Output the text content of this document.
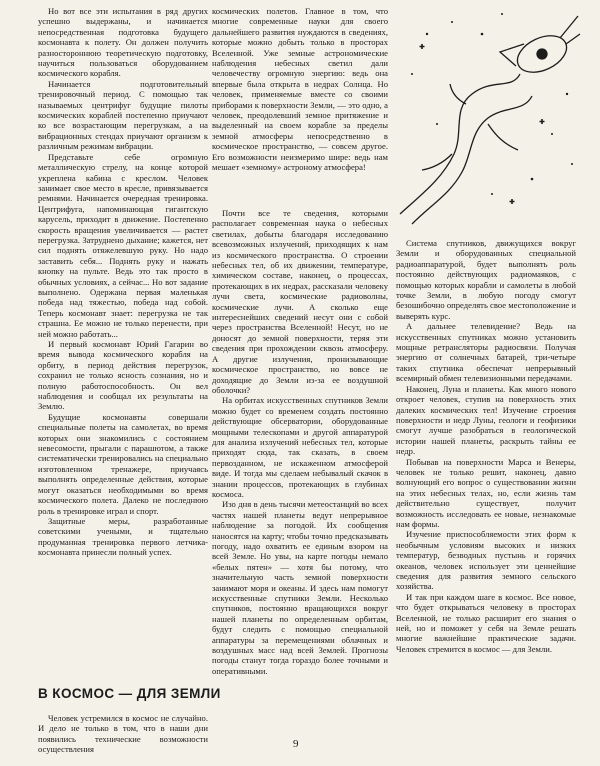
Но вот все эти испытания в ряд других успешно выдержаны, и начинается непосредственная подготовка будущего космонавта к полету. Он должен получить разностороннюю теоретическую подготовку, научиться пользоваться оборудованием космического корабля.

Начинается подготовительный тренировочный период. С помощью так называемых центрифуг будущие пилоты космических кораблей постепенно приучают ко все возрастающим перегрузкам, а на вибрационных стендах приучают организм к различным режимам вибрации.

Представьте себе огромную металлическую стрелу, на конце которой укреплена кабина с креслом. Человек занимает свое место в кресле, привязывается ремнями. Начинается очередная тренировка. Центрифуга, напоминающая гигантскую карусель, приходит в движение. Постепенно скорость вращения увеличивается — растет перегрузка. Затруднено дыхание; кажется, нет сил поднять отяжелевшую руку. Но надо заставить себя... Поднять руку и нажать кнопку на пульте. Ведь это так просто в обычных условиях, а сейчас... Но вот задание выполнено. Одержана первая маленькая победа над тяжестью, победа над собой. Теперь космонавт знает: перегрузка не так страшна. Ее можно не только перенести, при ней можно работать...

И первый космонавт Юрий Гагарин во время вывода космического корабля на орбиту, в период действия перегрузок, сохранил не только ясность сознания, но и полную работоспособность. Он вел наблюдения и сообщал их результаты на Землю.

Будущие космонавты совершали специальные полеты на самолетах, во время которых они знакомились с состоянием невесомости, прыгали с парашютом, а также систематически тренировались на специально изготовленном тренажере, приучаясь выполнять определенные действия, которые могут оказаться необходимыми во время космического полета. Далеко не последнюю роль в тренировке играл и спорт.

Защитные меры, разработанные советскими учеными, и тщательно продуманная тренировка первого летчика-космонавта принесли полный успех.

В КОСМОС — ДЛЯ ЗЕМЛИ

Человек устремился в космос не случайно. И дело не только в том, что в наши дни появились технические возможности осуществления

космических полетов. Главное в том, что многие современные науки для своего дальнейшего развития нуждаются в сведениях, которые можно добыть только в просторах Вселенной. Уже земные астрономические наблюдения небесных светил дали человечеству огромную энергию: ведь она впервые была открыта в недрах Солнца. Но человек, применяемые вместе со своими приборами к поверхности Земли, — это одно, а человек, преодолевший земное притяжение и выделенный на своем корабле за пределы земной атмосферы непосредственно в космическое пространство, — совсем другое. Его возможности неизмеримо шире: ведь нам мешает «земному» астроному атмосфера!

Почти все те сведения, которыми располагает современная наука о небесных светилах, добыты благодаря исследованию всевозможных излучений, приходящих к нам из космического пространства. О строении небесных тел, об их движении, температуре, химическом составе, наконец, о процессах, протекающих в их недрах, рассказали человеку лучи света, космические радиоволны, космические лучи. А сколько еще интереснейших сведений несут они с собой через пространства Вселенной! Несут, но не доносят до земной поверхности, теряя эти сведения при прохождении сквозь атмосферу. А другие излучения, пронизывающие космическое пространство, но вовсе не доходящие до Земли из-за ее воздушной оболочки?

На орбитах искусственных спутников Земли можно будет со временем создать постоянно действующие обсерватории, оборудованные мощными телескопами и другой аппаратурой для анализа излучений небесных тел, которые приходят сюда, так сказать, в своем первозданном, не искаженном атмосферой виде. И тогда мы сделаем небывалый скачок в знании процессов, протекающих в глубинах космоса.

Изо дня в день тысячи метеостанций во всех частях нашей планеты ведут непрерывное наблюдение за погодой. Их сообщения наносятся на карту; чтобы точно предсказывать погоду, надо охватить ее единым взором на всей Земле. Но увы, на карте погоды немало «белых пятен» — хотя бы потому, что значительную часть земной поверхности занимают моря и океаны. И здесь нам помогут искусственные спутники Земли. Несколько спутников, постоянно вращающихся вокруг нашей планеты по определенным орбитам, будут следить с помощью специальной аппаратуры за перемещениями облачных и воздушных масс над всей Землей. Прогнозы погоды станут тогда гораздо более точными и оперативными.

Система спутников, движущихся вокруг Земли и оборудованных специальной радиоаппаратурой, будет выполнять роль постоянно действующих радиомаяков, с помощью которых корабли и самолеты в любой точке Земли, в любую погоду смогут безошибочно определять свое местоположение и выверять курс.

А дальнее телевидение? Ведь на искусственных спутниках можно установить мощные ретрансляторы радиосвязи. Получая энергию от солнечных батарей, три-четыре таких спутника обеспечат непрерывный всемирный обмен телевизионными передачами.

Наконец, Луна и планеты. Как много нового откроет человек, ступив на поверхность этих далеких космических тел! Изучение строения поверхности и недр Луны, геологи и геофизики смогут лучше разобраться в геологической истории нашей планеты, раскрыть тайны ее недр.

Побывав на поверхности Марса и Венеры, человек не только решит, наконец, давно волнующий его вопрос о существовании жизни на этих небесных телах, но, если жизнь там действительно существует, получит возможность исследовать ее новые, незнакомые нам формы.

Изучение приспособляемости этих форм к необычным условиям высоких и низких температур, безводных пустынь и горячих океанов, человек использует эти ценнейшие сведения для развития земного сельского хозяйства.

И так при каждом шаге в космос. Все новое, что будет открываться человеку в просторах Вселенной, не только расширит его знания о ней, но и поможет у себя на Земле решать многие важнейшие практические задачи. Человек стремится в космос — для Земли.

9
